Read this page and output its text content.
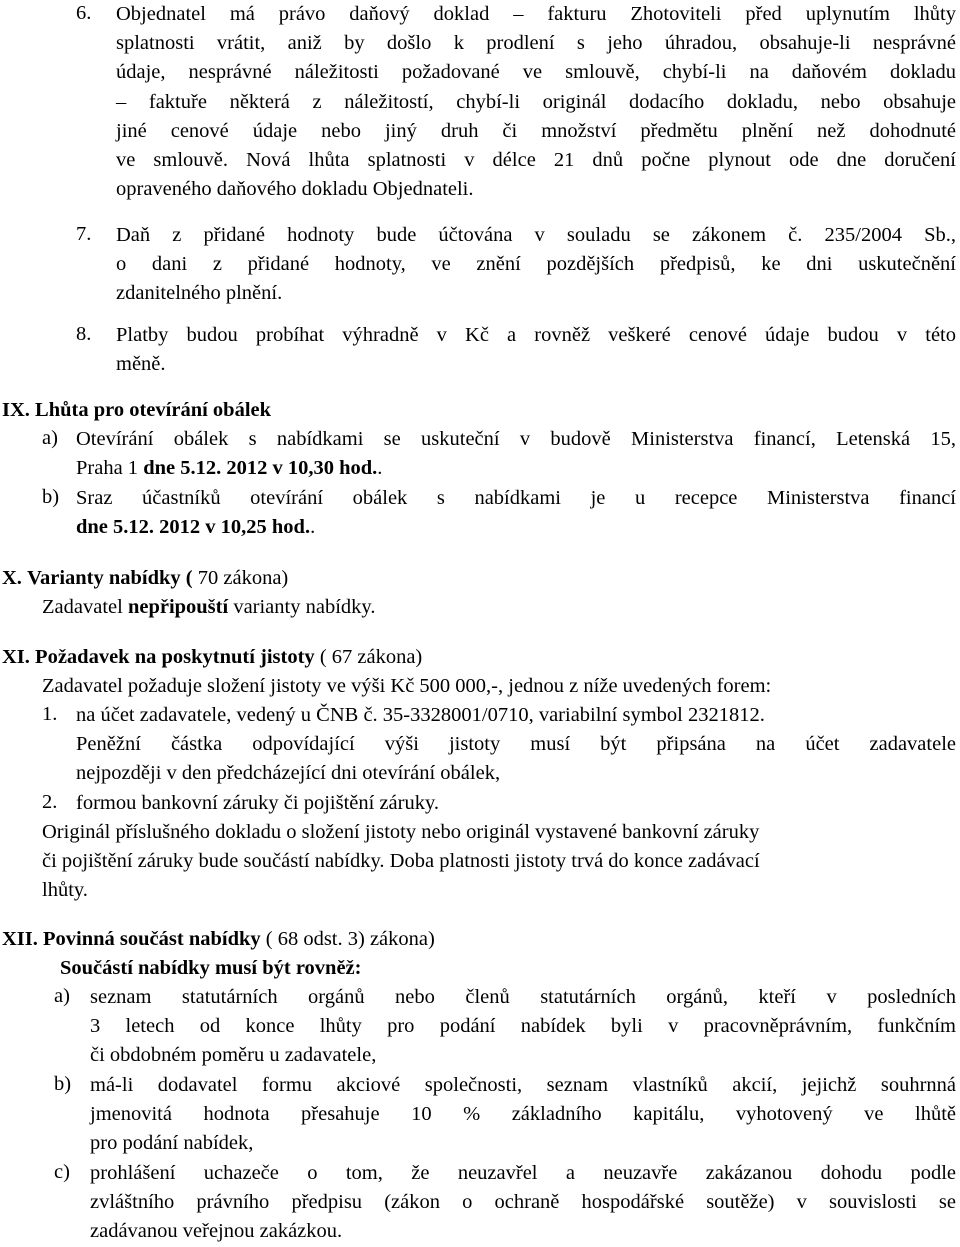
6. Objednatel má právo daňový doklad – fakturu Zhotoviteli před uplynutím lhůty
splatnosti vrátit, aniž by došlo k prodlení s jeho úhradou, obsahuje-li nesprávné
údaje, nesprávné náležitosti požadované ve smlouvě, chybí-li na daňovém dokladu
– faktuře některá z náležitostí, chybí-li originál dodacího dokladu, nebo obsahuje
jiné cenové údaje nebo jiný druh či množství předmětu plnění než dohodnuté
ve smlouvě. Nová lhůta splatnosti v délce 21 dnů počne plynout ode dne doručení
opraveného daňového dokladu Objednateli.
7. Daň z přidané hodnoty bude účtována v souladu se zákonem č. 235/2004 Sb.,
o dani z přidané hodnoty, ve znění pozdějších předpisů, ke dni uskutečnění
zdanitelného plnění.
8. Platby budou probíhat výhradně v Kč a rovněž veškeré cenové údaje budou v této
měně.
IX. Lhůta pro otevírání obálek
a) Otevírání obálek s nabídkami se uskuteční v budově Ministerstva financí, Letenská 15,
Praha 1 dne 5.12. 2012 v 10,30 hod..
b) Sraz účastníků otevírání obálek s nabídkami je u recepce Ministerstva financí
dne 5.12. 2012 v 10,25 hod..
X. Varianty nabídky ( 70 zákona)
Zadavatel nepřipouští varianty nabídky.
XI. Požadavek na poskytnutí jistoty ( 67 zákona)
Zadavatel požaduje složení jistoty ve výši Kč 500 000,-, jednou z níže uvedených forem:
1. na účet zadavatele, vedený u ČNB č. 35-3328001/0710, variabilní symbol 2321812.
Peněžní částka odpovídající výši jistoty musí být připsána na účet zadavatele
nejpozději v den předcházející dni otevírání obálek,
2. formou bankovní záruky či pojištění záruky.
Originál příslušného dokladu o složení jistoty nebo originál vystavené bankovní záruky
či pojištění záruky bude součástí nabídky. Doba platnosti jistoty trvá do konce zadávací
lhůty.
XII. Povinná součást nabídky ( 68 odst. 3) zákona)
Součástí nabídky musí být rovněž:
a) seznam statutárních orgánů nebo členů statutárních orgánů, kteří v posledních
3 letech od konce lhůty pro podání nabídek byli v pracovněprávním, funkčním
či obdobném poměru u zadavatele,
b) má-li dodavatel formu akciové společnosti, seznam vlastníků akcií, jejichž souhrnná
jmenovitá hodnota přesahuje 10 % základního kapitálu, vyhotovený ve lhůtě
pro podání nabídek,
c) prohlášení uchazeče o tom, že neuzavřel a neuzavře zakázanou dohodu podle
zvláštního právního předpisu (zákon o ochraně hospodářské soutěže) v souvislosti se
zadávanou veřejnou zakázkou.
